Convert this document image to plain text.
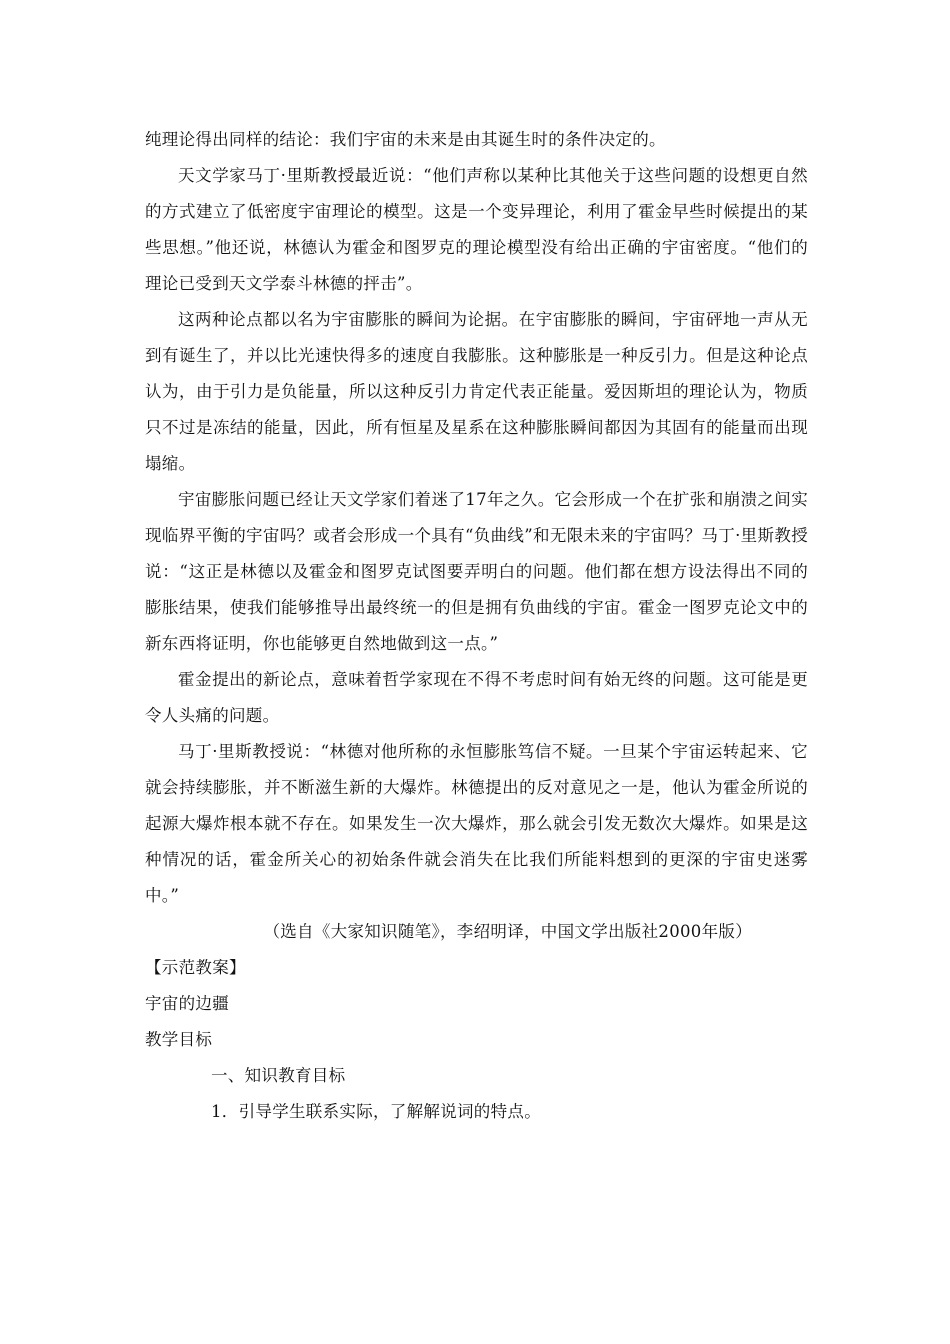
纯理论得出同样的结论：我们宇宙的未来是由其诞生时的条件决定的。

天文学家马丁·里斯教授最近说：“他们声称以某种比其他关于这些问题的设想更自然的方式建立了低密度宇宙理论的模型。这是一个变异理论，利用了霍金早些时候提出的某些思想。”他还说，林德认为霍金和图罗克的理论模型没有给出正确的宇宙密度。“他们的理论已受到天文学泰斗林德的抨击”。

这两种论点都以名为宇宙膨胀的瞬间为论据。在宇宙膨胀的瞬间，宇宙砰地一声从无到有诞生了，并以比光速快得多的速度自我膨胀。这种膨胀是一种反引力。但是这种论点认为，由于引力是负能量，所以这种反引力肯定代表正能量。爱因斯坦的理论认为，物质只不过是冻结的能量，因此，所有恒星及星系在这种膨胀瞬间都因为其固有的能量而出现塌缩。

宇宙膨胀问题已经让天文学家们着迷了17年之久。它会形成一个在扩张和崩溃之间实现临界平衡的宇宙吗？或者会形成一个具有“负曲线”和无限未来的宇宙吗？马丁·里斯教授说：“这正是林德以及霍金和图罗克试图要弄明白的问题。他们都在想方设法得出不同的膨胀结果，使我们能够推导出最终统一的但是拥有负曲线的宇宙。霍金一图罗克论文中的新东西将证明，你也能够更自然地做到这一点。”

霍金提出的新论点，意味着哲学家现在不得不考虑时间有始无终的问题。这可能是更令人头痛的问题。

马丁·里斯教授说：“林德对他所称的永恒膨胀笃信不疑。一旦某个宇宙运转起来、它就会持续膨胀，并不断滋生新的大爆炸。林德提出的反对意见之一是，他认为霍金所说的起源大爆炸根本就不存在。如果发生一次大爆炸，那么就会引发无数次大爆炸。如果是这种情况的话，霍金所关心的初始条件就会消失在比我们所能料想到的更深的宇宙史迷雾中。”

（选自《大家知识随笔》，李绍明译，中国文学出版社2000年版）

【示范教案】

宇宙的边疆

教学目标

一、知识教育目标

1．引导学生联系实际，了解解说词的特点。
